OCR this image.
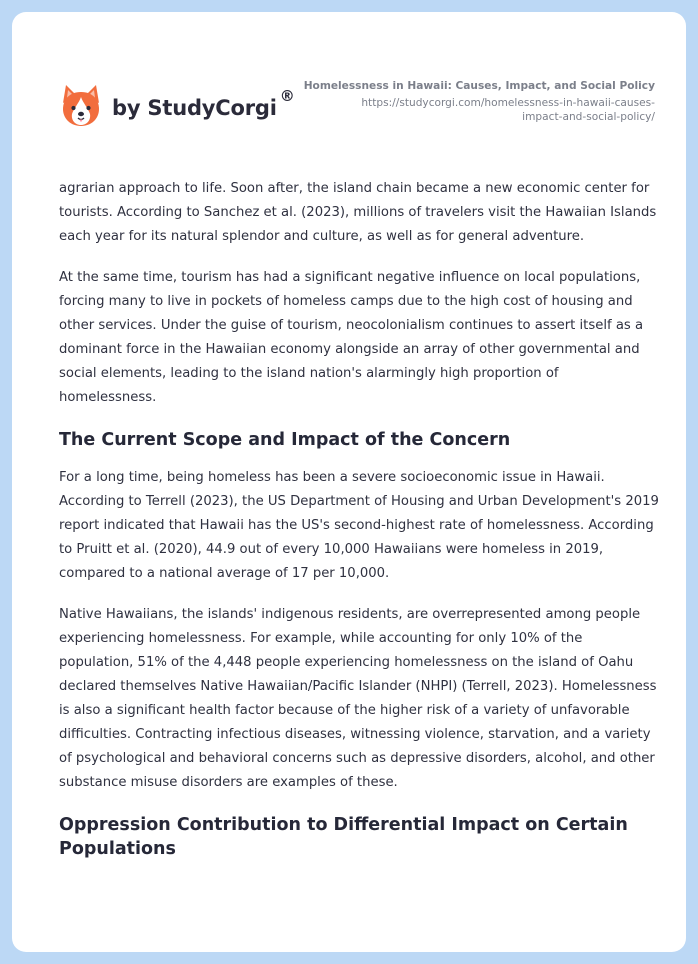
by StudyCorgi ®
Homelessness in Hawaii: Causes, Impact, and Social Policy
https://studycorgi.com/homelessness-in-hawaii-causes-
impact-and-social-policy/

agrarian approach to life. Soon after, the island chain became a new economic center for tourists. According to Sanchez et al. (2023), millions of travelers visit the Hawaiian Islands each year for its natural splendor and culture, as well as for general adventure.

At the same time, tourism has had a significant negative influence on local populations, forcing many to live in pockets of homeless camps due to the high cost of housing and other services. Under the guise of tourism, neocolonialism continues to assert itself as a dominant force in the Hawaiian economy alongside an array of other governmental and social elements, leading to the island nation's alarmingly high proportion of homelessness.

The Current Scope and Impact of the Concern

For a long time, being homeless has been a severe socioeconomic issue in Hawaii. According to Terrell (2023), the US Department of Housing and Urban Development's 2019 report indicated that Hawaii has the US's second-highest rate of homelessness. According to Pruitt et al. (2020), 44.9 out of every 10,000 Hawaiians were homeless in 2019, compared to a national average of 17 per 10,000.

Native Hawaiians, the islands' indigenous residents, are overrepresented among people experiencing homelessness. For example, while accounting for only 10% of the population, 51% of the 4,448 people experiencing homelessness on the island of Oahu declared themselves Native Hawaiian/Pacific Islander (NHPI) (Terrell, 2023). Homelessness is also a significant health factor because of the higher risk of a variety of unfavorable difficulties. Contracting infectious diseases, witnessing violence, starvation, and a variety of psychological and behavioral concerns such as depressive disorders, alcohol, and other substance misuse disorders are examples of these.

Oppression Contribution to Differential Impact on Certain Populations
